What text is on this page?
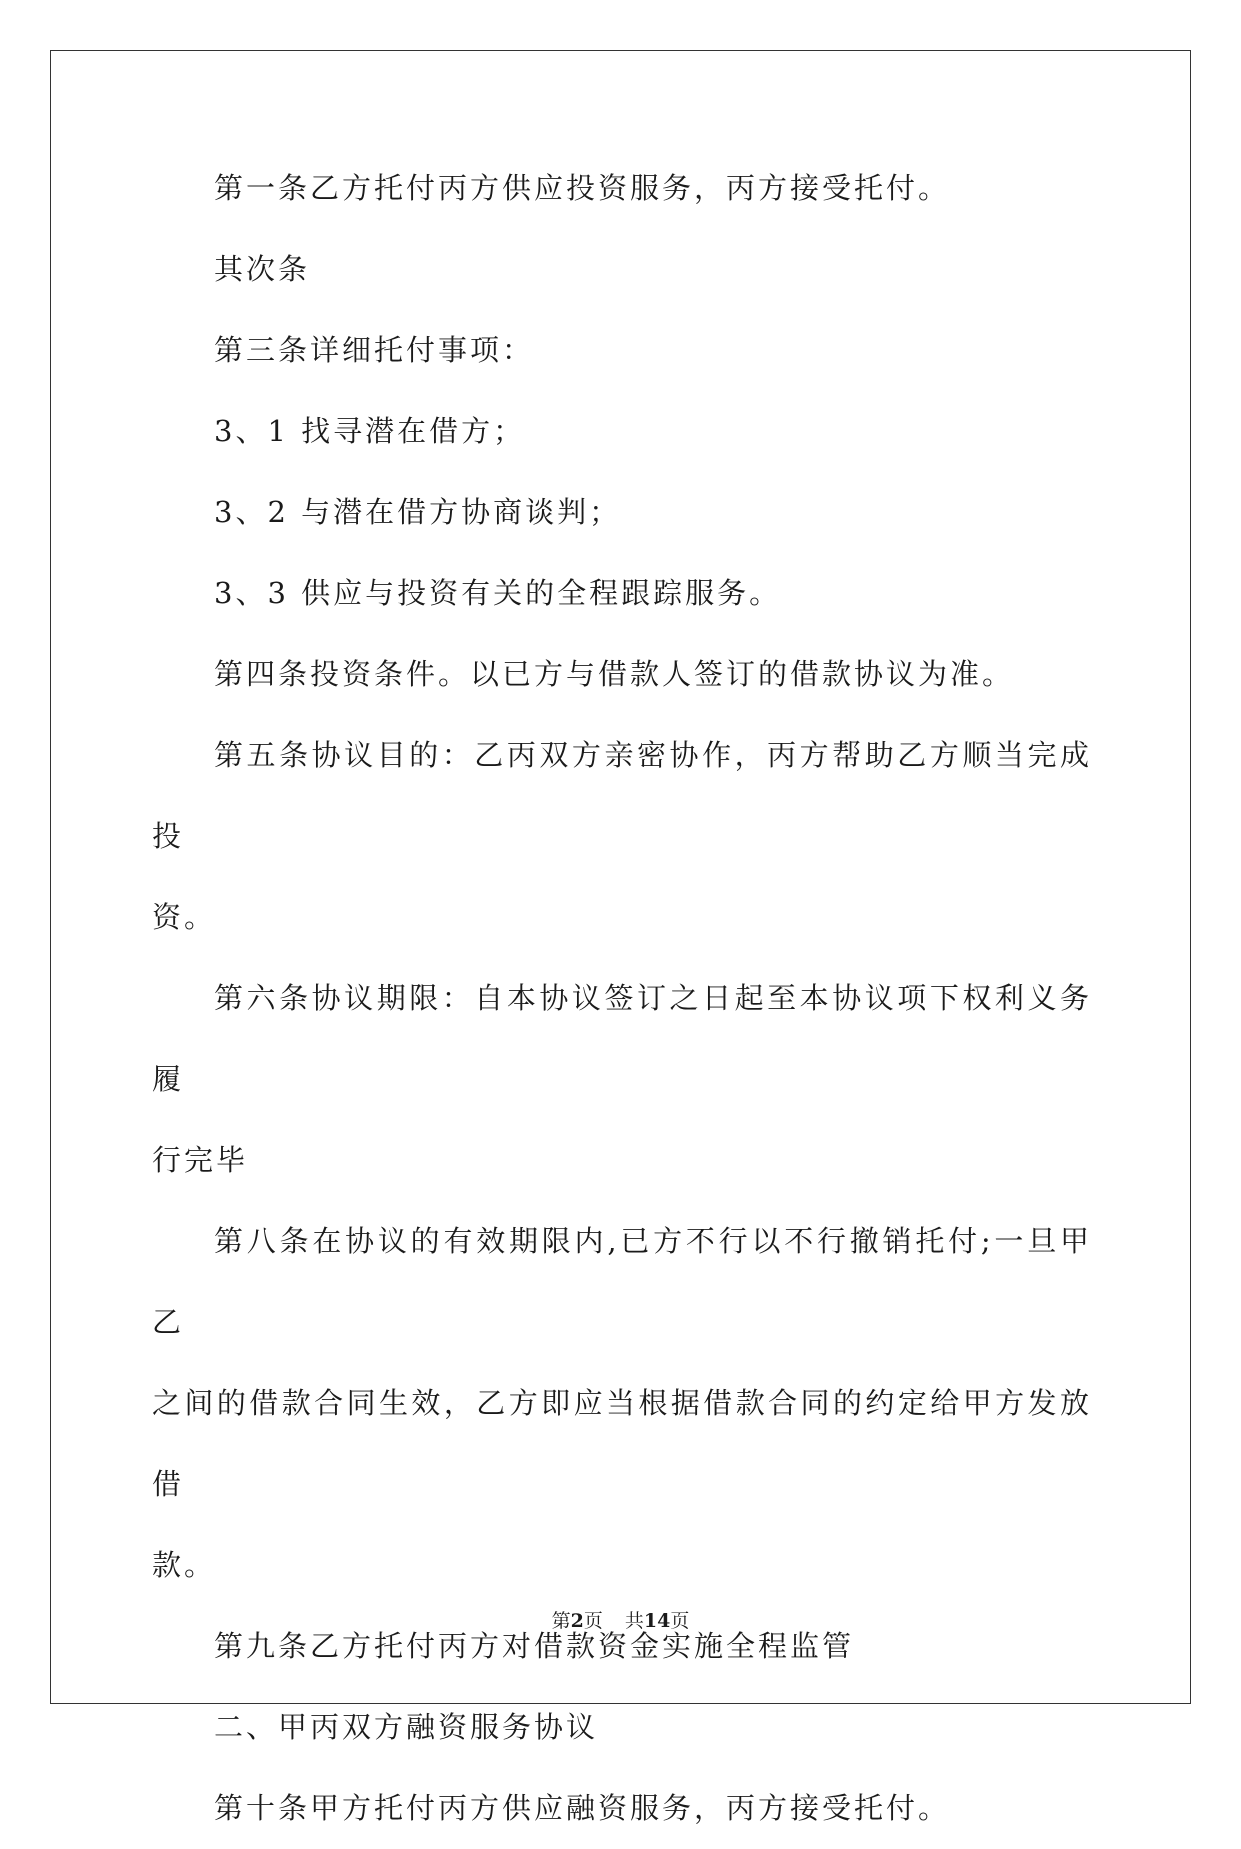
第一条乙方托付丙方供应投资服务，丙方接受托付。

其次条

第三条详细托付事项：

3、1 找寻潜在借方；

3、2 与潜在借方协商谈判；

3、3 供应与投资有关的全程跟踪服务。

第四条投资条件。以已方与借款人签订的借款协议为准。

第五条协议目的：乙丙双方亲密协作，丙方帮助乙方顺当完成投
资。

第六条协议期限：自本协议签订之日起至本协议项下权利义务履
行完毕

第八条在协议的有效期限内,已方不行以不行撤销托付;一旦甲乙
之间的借款合同生效，乙方即应当根据借款合同的约定给甲方发放借
款。

第九条乙方托付丙方对借款资金实施全程监管

二、甲丙双方融资服务协议

第十条甲方托付丙方供应融资服务，丙方接受托付。

第2页 共14页
